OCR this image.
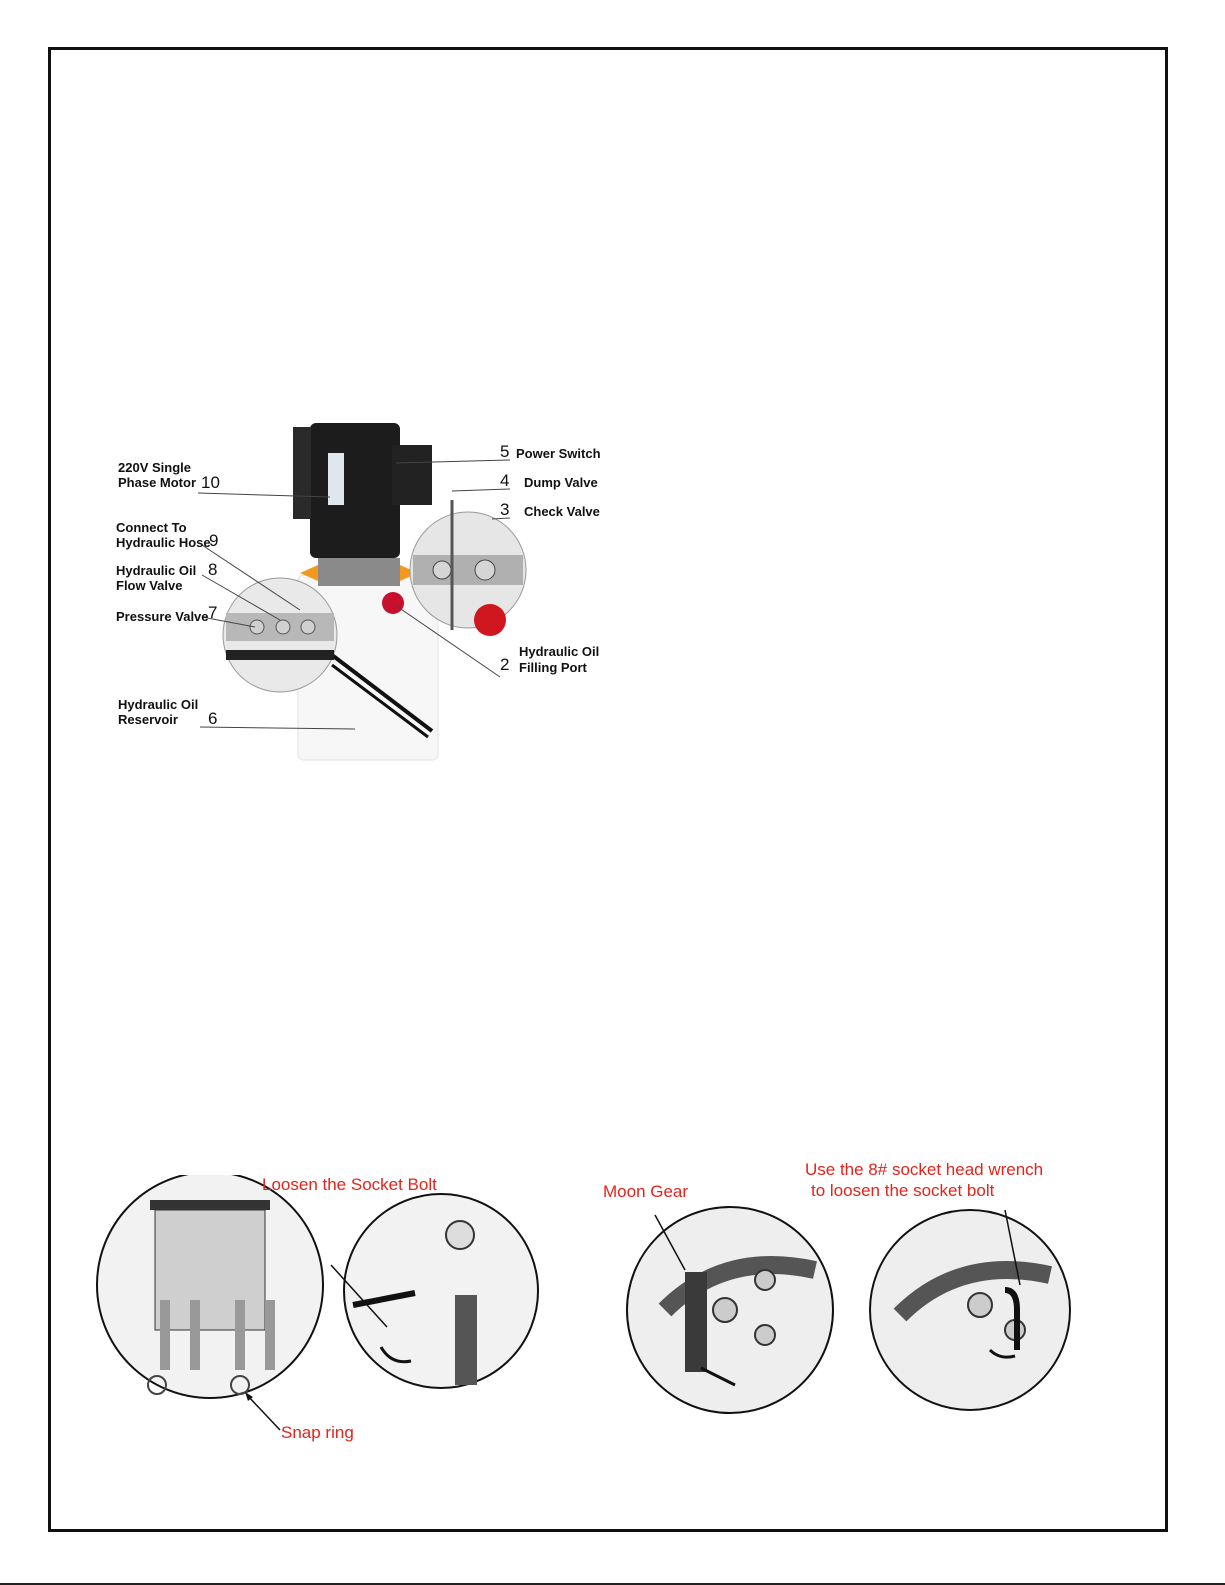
5 Power Switch
4 Dump Valve
3 Check Valve
220V Single
Phase Motor 10
Connect To
Hydraulic Hose
9
Hydraulic Oil
Flow Valve
8
Pressure Valve 7
Hydraulic Oil
Filling Port
2
Hydraulic Oil
Reservoir 6
Loosen the Socket Bolt
Snap ring
Moon Gear
Use the 8# socket head wrench
to loosen the socket bolt
